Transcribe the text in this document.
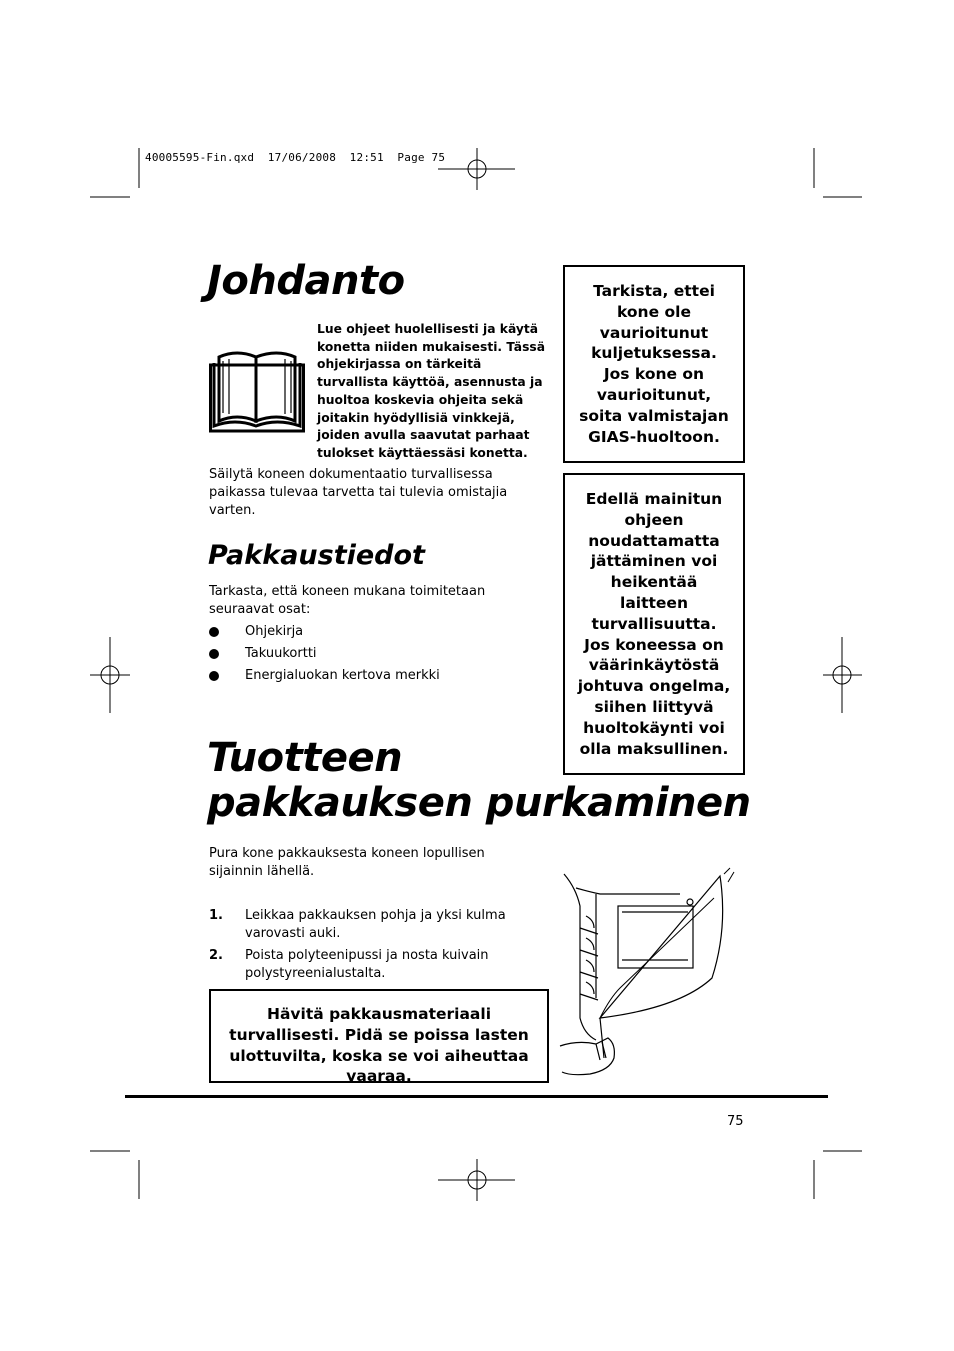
40005595-Fin.qxd  17/06/2008  12:51  Page 75
Johdanto
Lue ohjeet huolellisesti ja käytä konetta niiden mukaisesti. Tässä ohjekirjassa on tärkeitä turvallista käyttöä, asennusta ja huoltoa koskevia ohjeita sekä joitakin hyödyllisiä vinkkejä, joiden avulla saavutat parhaat tulokset käyttäessäsi konetta.
Säilytä koneen dokumentaatio turvallisessa paikassa tulevaa tarvetta tai tulevia omistajia varten.
Pakkaustiedot
Tarkasta, että koneen mukana toimitetaan seuraavat osat:
Ohjekirja
Takuukortti
Energialuokan kertova merkki
Tarkista, ettei kone ole vaurioitunut kuljetuksessa. Jos kone on vaurioitunut, soita valmistajan GIAS-huoltoon.
Edellä mainitun ohjeen noudattamatta jättäminen voi heikentää laitteen turvallisuutta. Jos koneessa on väärinkäytöstä johtuva ongelma, siihen liittyvä huoltokäynti voi olla maksullinen.
Tuotteen
pakkauksen purkaminen
Pura kone pakkauksesta koneen lopullisen sijainnin lähellä.
1. Leikkaa pakkauksen pohja ja yksi kulma varovasti auki.
2. Poista polyteenipussi ja nosta kuivain polystyreenialustalta.
Hävitä pakkausmateriaali turvallisesti. Pidä se poissa lasten ulottuvilta, koska se voi aiheuttaa vaaraa.
75
